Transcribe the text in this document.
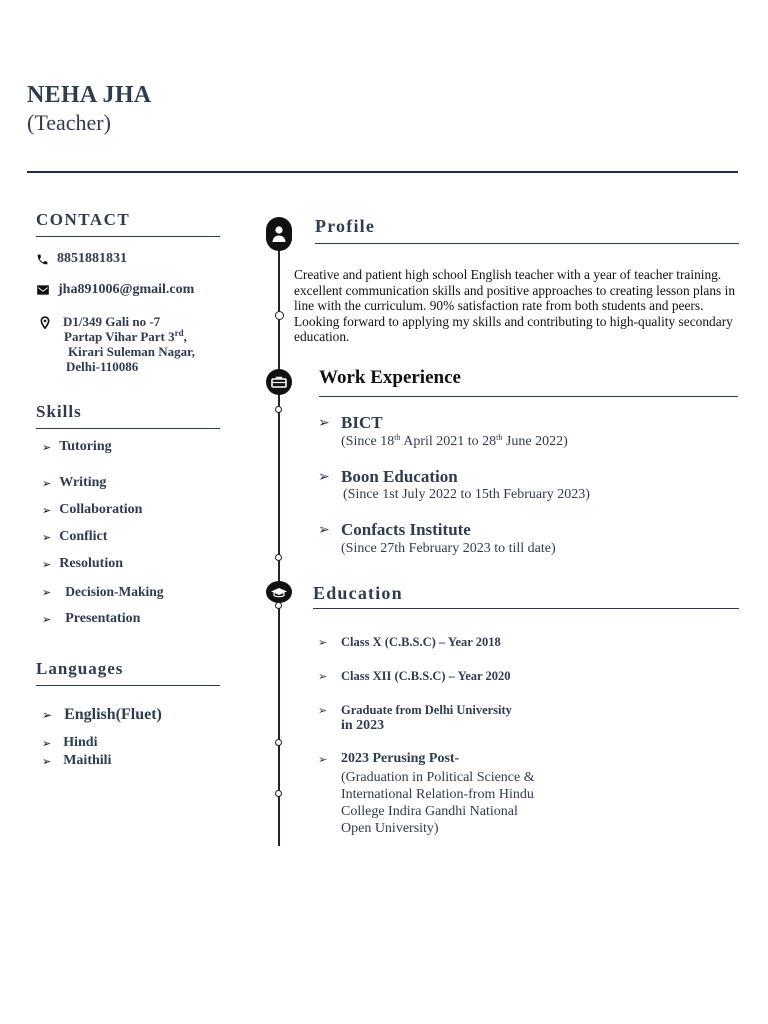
NEHA JHA
(Teacher)
CONTACT
8851881831
jha891006@gmail.com
D1/349 Gali no -7
Partap Vihar Part 3rd,
Kirari Suleman Nagar,
Delhi-110086
Skills
➢ Tutoring
➢ Writing
➢ Collaboration
➢ Conflict
➢ Resolution
➢ Decision-Making
➢ Presentation
Languages
➢ English(Fluet)
➢ Hindi
➢ Maithili
Profile
Creative and patient high school English teacher with a year of teacher training. excellent communication skills and positive approaches to creating lesson plans in line with the curriculum. 90% satisfaction rate from both students and peers. Looking forward to applying my skills and contributing to high-quality secondary education.
Work Experience
➢ BICT
(Since 18th April 2021 to 28th June 2022)
➢ Boon Education
(Since 1st July 2022 to 15th February 2023)
➢ Confacts Institute
(Since 27th February 2023 to till date)
Education
➢ Class X (C.B.S.C) – Year 2018
➢ Class XII (C.B.S.C) – Year 2020
➢ Graduate from Delhi University
in 2023
➢ 2023 Perusing Post-
(Graduation in Political Science &
International Relation-from Hindu
College Indira Gandhi National
Open University)
